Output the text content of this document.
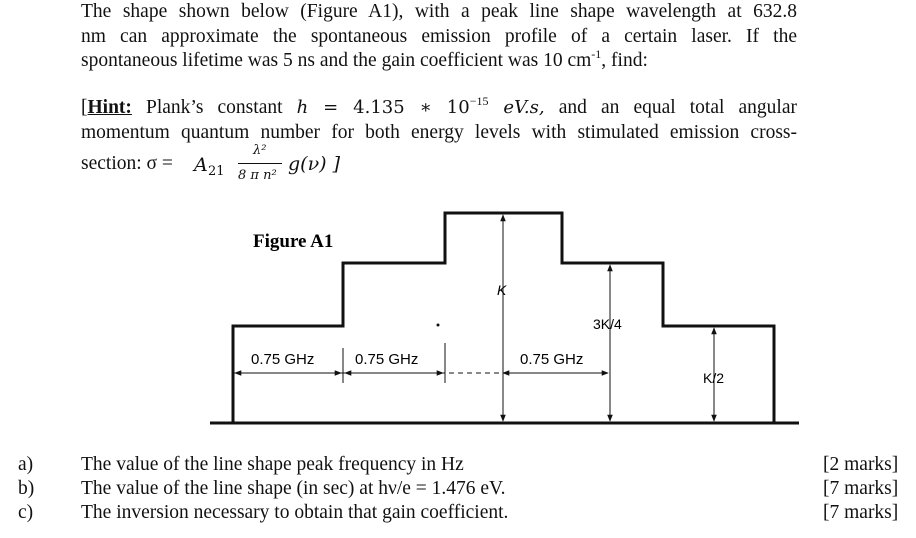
The shape shown below (Figure A1), with a peak line shape wavelength at 632.8
nm can approximate the spontaneous emission profile of a certain laser. If the
spontaneous lifetime was 5 ns and the gain coefficient was 10 $cm^{-1}$, find:
[Hint: Plank’s constant h = 4.135 ∗ $10^{-15}$ eV.s, and an equal total angular
momentum quantum number for both energy levels with stimulated emission cross-
section: σ = A 21
λ²
8 π n²
g(ν) ]
Figure A1
K
3K/4
K/2
0.75 GHz	0.75 GHz	0.75 GHz
a) The value of the line shape peak frequency in Hz	[2 marks]
b) The value of the line shape (in sec) at hν/e = 1.476 eV.	[7 marks]
c) The inversion necessary to obtain that gain coefficient.	[7 marks]
